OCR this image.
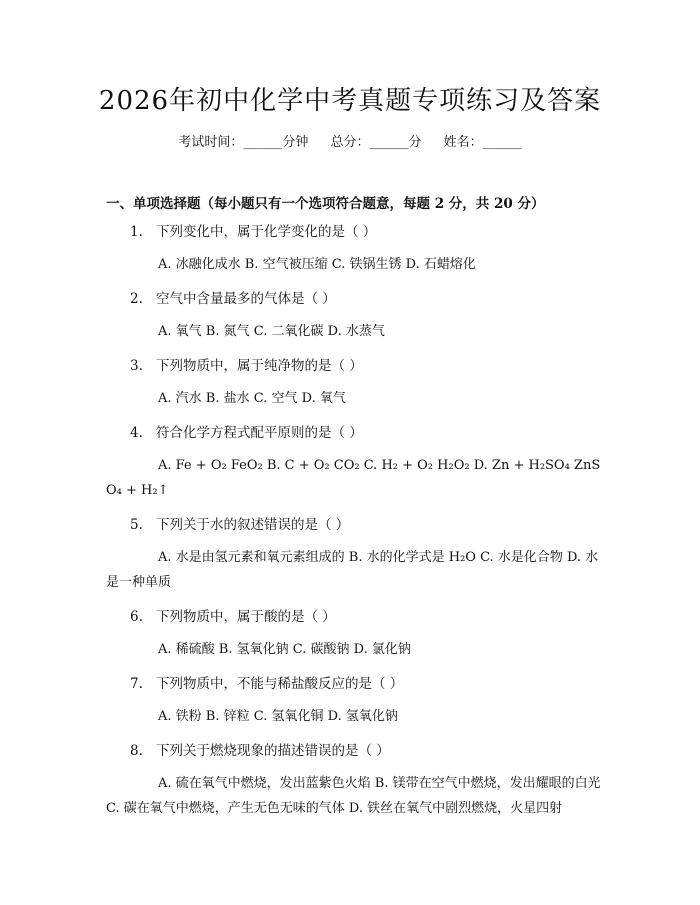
2026年初中化学中考真题专项练习及答案
考试时间：______分钟 总分：______分 姓名：______
一、单项选择题（每小题只有一个选项符合题意，每题 2 分，共 20 分）
1. 下列变化中，属于化学变化的是（ ）
A. 冰融化成水 B. 空气被压缩 C. 铁锅生锈 D. 石蜡熔化
2. 空气中含量最多的气体是（ ）
A. 氧气 B. 氮气 C. 二氧化碳 D. 水蒸气
3. 下列物质中，属于纯净物的是（ ）
A. 汽水 B. 盐水 C. 空气 D. 氧气
4. 符合化学方程式配平原则的是（ ）
A. Fe + O₂ FeO₂ B. C + O₂ CO₂ C. H₂ + O₂ H₂O₂ D. Zn + H₂SO₄ ZnSO₄ + H₂↑
5. 下列关于水的叙述错误的是（ ）
A. 水是由氢元素和氧元素组成的 B. 水的化学式是 H₂O C. 水是化合物 D. 水是一种单质
6. 下列物质中，属于酸的是（ ）
A. 稀硫酸 B. 氢氧化钠 C. 碳酸钠 D. 氯化钠
7. 下列物质中，不能与稀盐酸反应的是（ ）
A. 铁粉 B. 锌粒 C. 氢氧化铜 D. 氢氧化钠
8. 下列关于燃烧现象的描述错误的是（ ）
A. 硫在氧气中燃烧，发出蓝紫色火焰 B. 镁带在空气中燃烧，发出耀眼的白光 C. 碳在氧气中燃烧，产生无色无味的气体 D. 铁丝在氧气中剧烈燃烧，火星四射
